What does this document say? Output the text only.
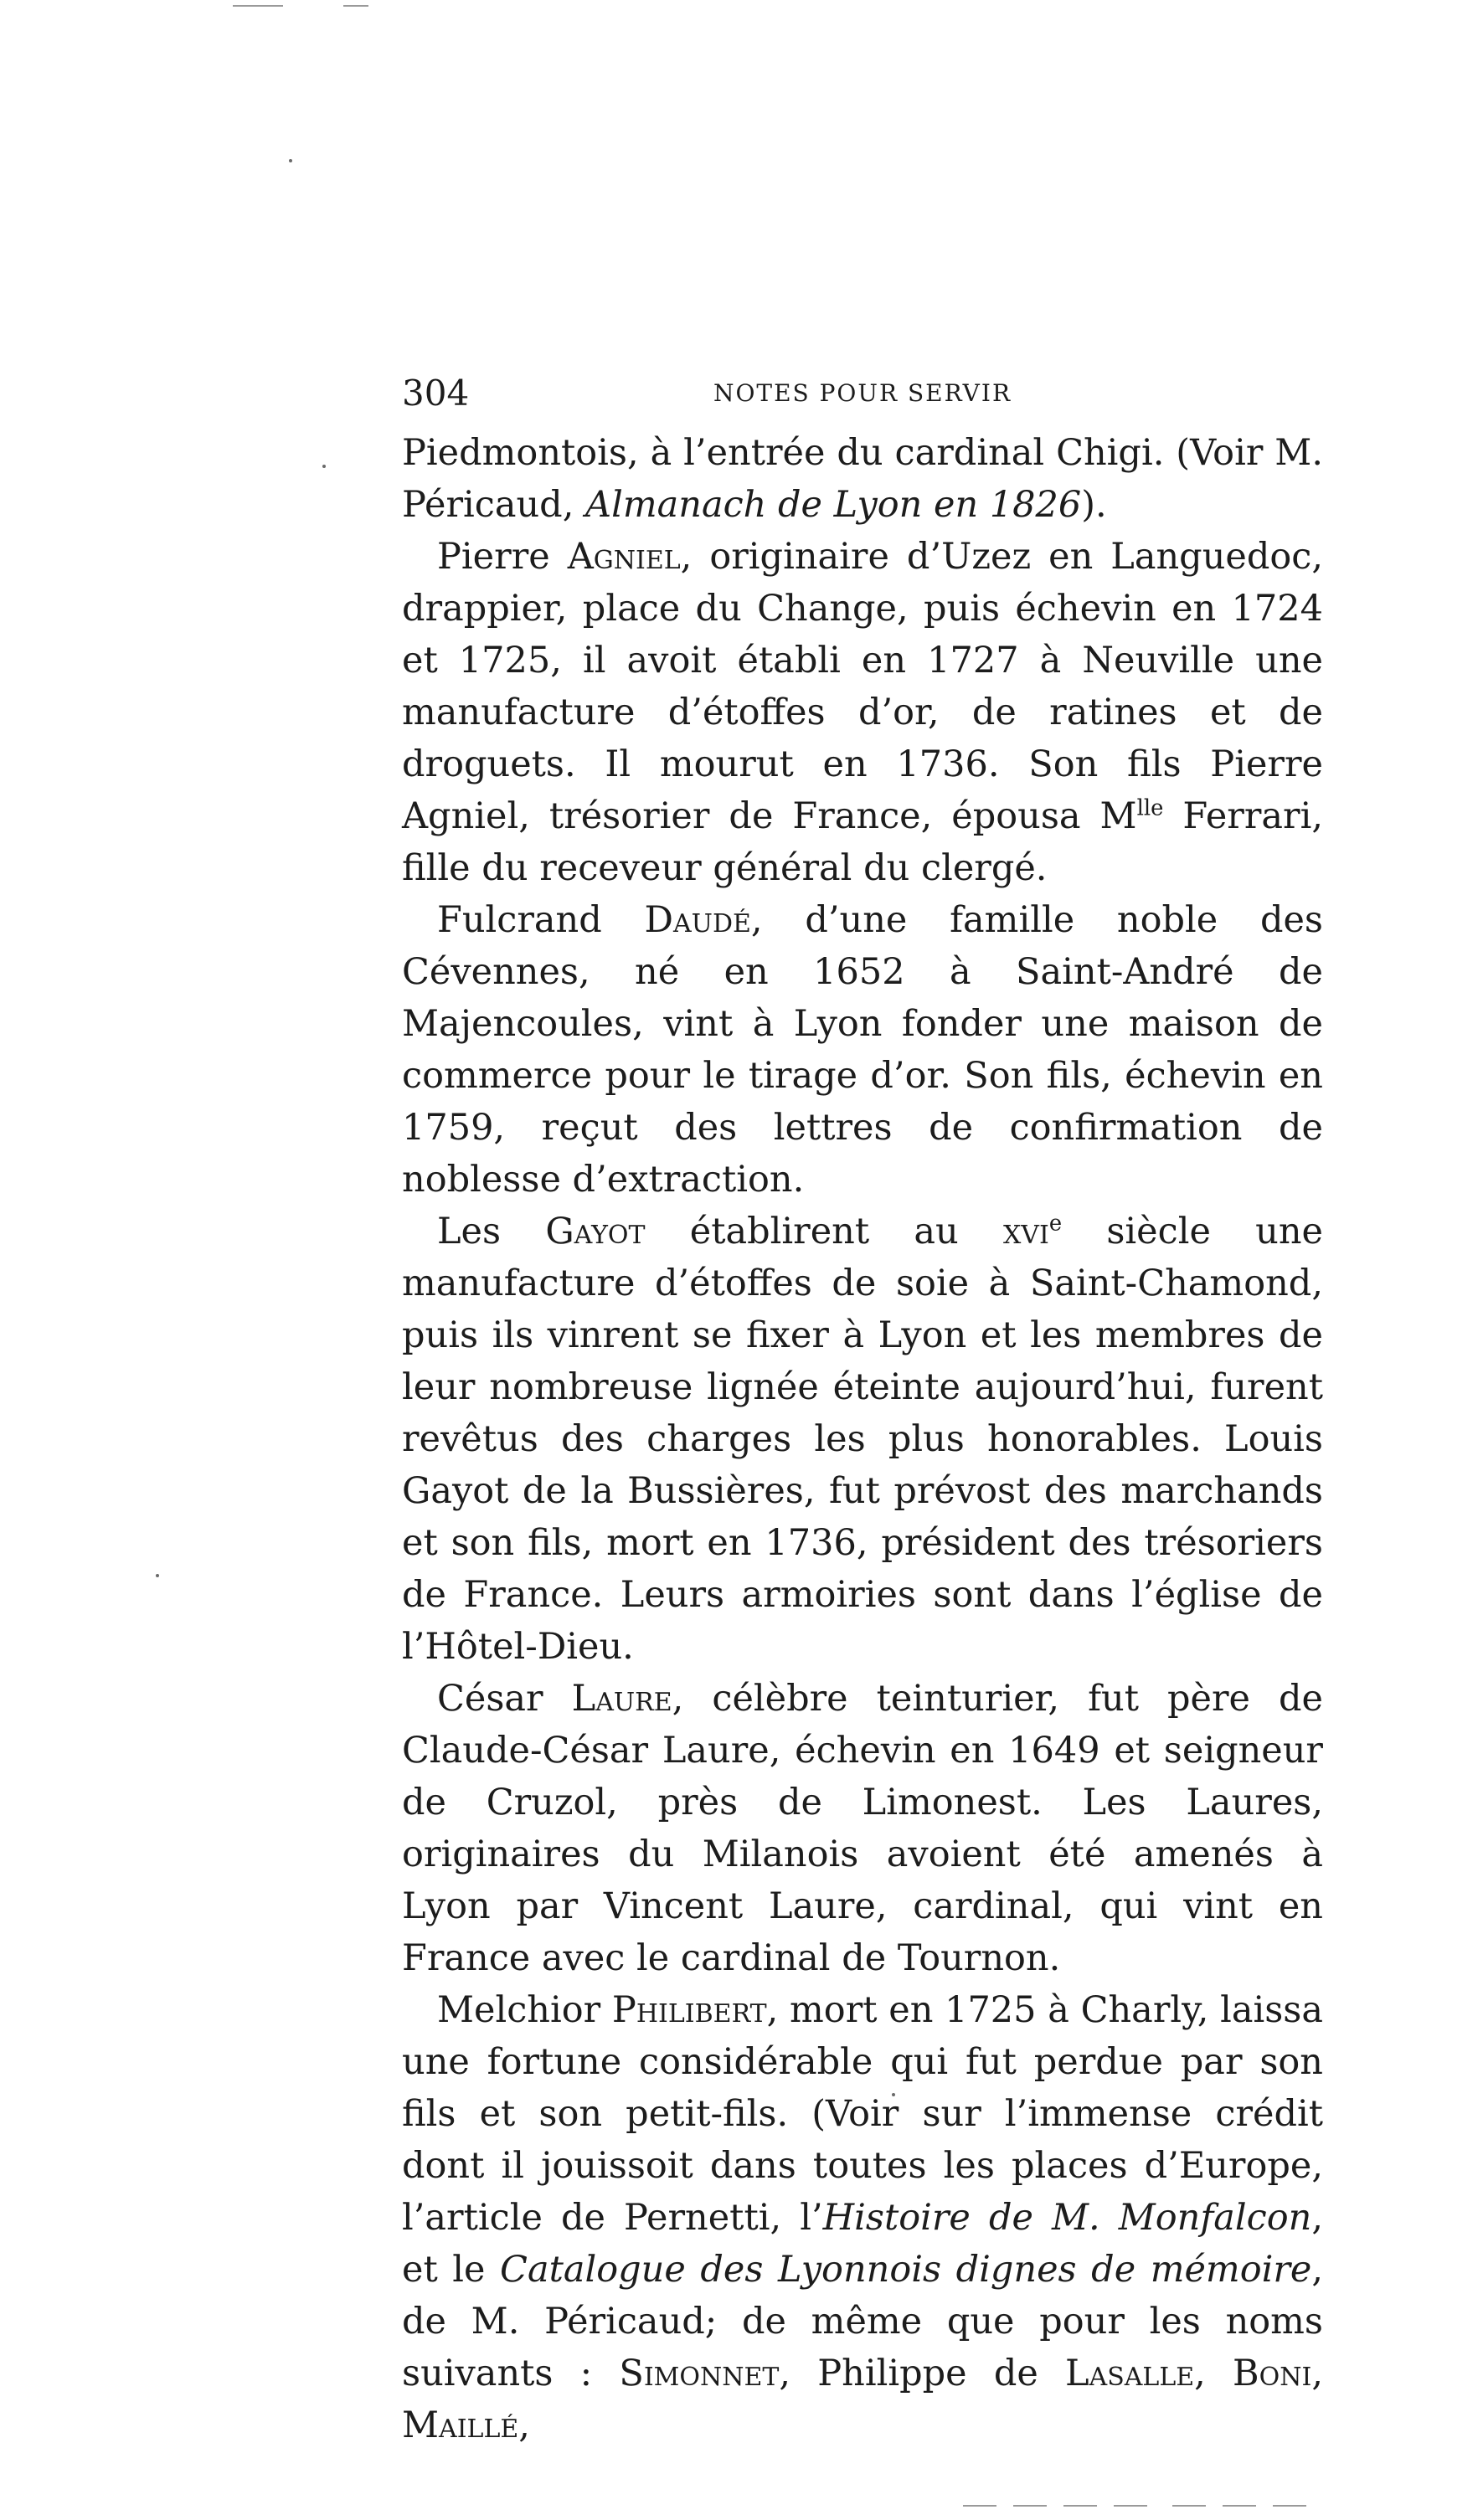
304	NOTES POUR SERVIR

Piedmontois, à l’entrée du cardinal Chigi. (Voir M. Péricaud, Almanach de Lyon en 1826).

Pierre Agniel, originaire d’Uzez en Languedoc, drappier, place du Change, puis échevin en 1724 et 1725, il avoit établi en 1727 à Neuville une manufacture d’étoffes d’or, de ratines et de droguets. Il mourut en 1736. Son fils Pierre Agniel, trésorier de France, épousa $M^{lle}$ Ferrari, fille du receveur général du clergé.

Fulcrand Daudé, d’une famille noble des Cévennes, né en 1652 à Saint-André de Majencoules, vint à Lyon fonder une maison de commerce pour le tirage d’or. Son fils, échevin en 1759, reçut des lettres de confirmation de noblesse d’extraction.

Les Gayot établirent au xvi$^e$ siècle une manufacture d’étoffes de soie à Saint-Chamond, puis ils vinrent se fixer à Lyon et les membres de leur nombreuse lignée éteinte aujourd’hui, furent revêtus des charges les plus honorables. Louis Gayot de la Bussières, fut prévost des marchands et son fils, mort en 1736, président des trésoriers de France. Leurs armoiries sont dans l’église de l’Hôtel-Dieu.

César Laure, célèbre teinturier, fut père de Claude-César Laure, échevin en 1649 et seigneur de Cruzol, près de Limonest. Les Laures, originaires du Milanois avoient été amenés à Lyon par Vincent Laure, cardinal, qui vint en France avec le cardinal de Tournon.

Melchior Philibert, mort en 1725 à Charly, laissa une fortune considérable qui fut perdue par son fils et son petit-fils. (Voir sur l’immense crédit dont il jouissoit dans toutes les places d’Europe, l’article de Pernetti, l’Histoire de M. Monfalcon, et le Catalogue des Lyonnois dignes de mémoire, de M. Péricaud; de même que pour les noms suivants : Simonnet, Philippe de Lasalle, Boni, Maillé,
